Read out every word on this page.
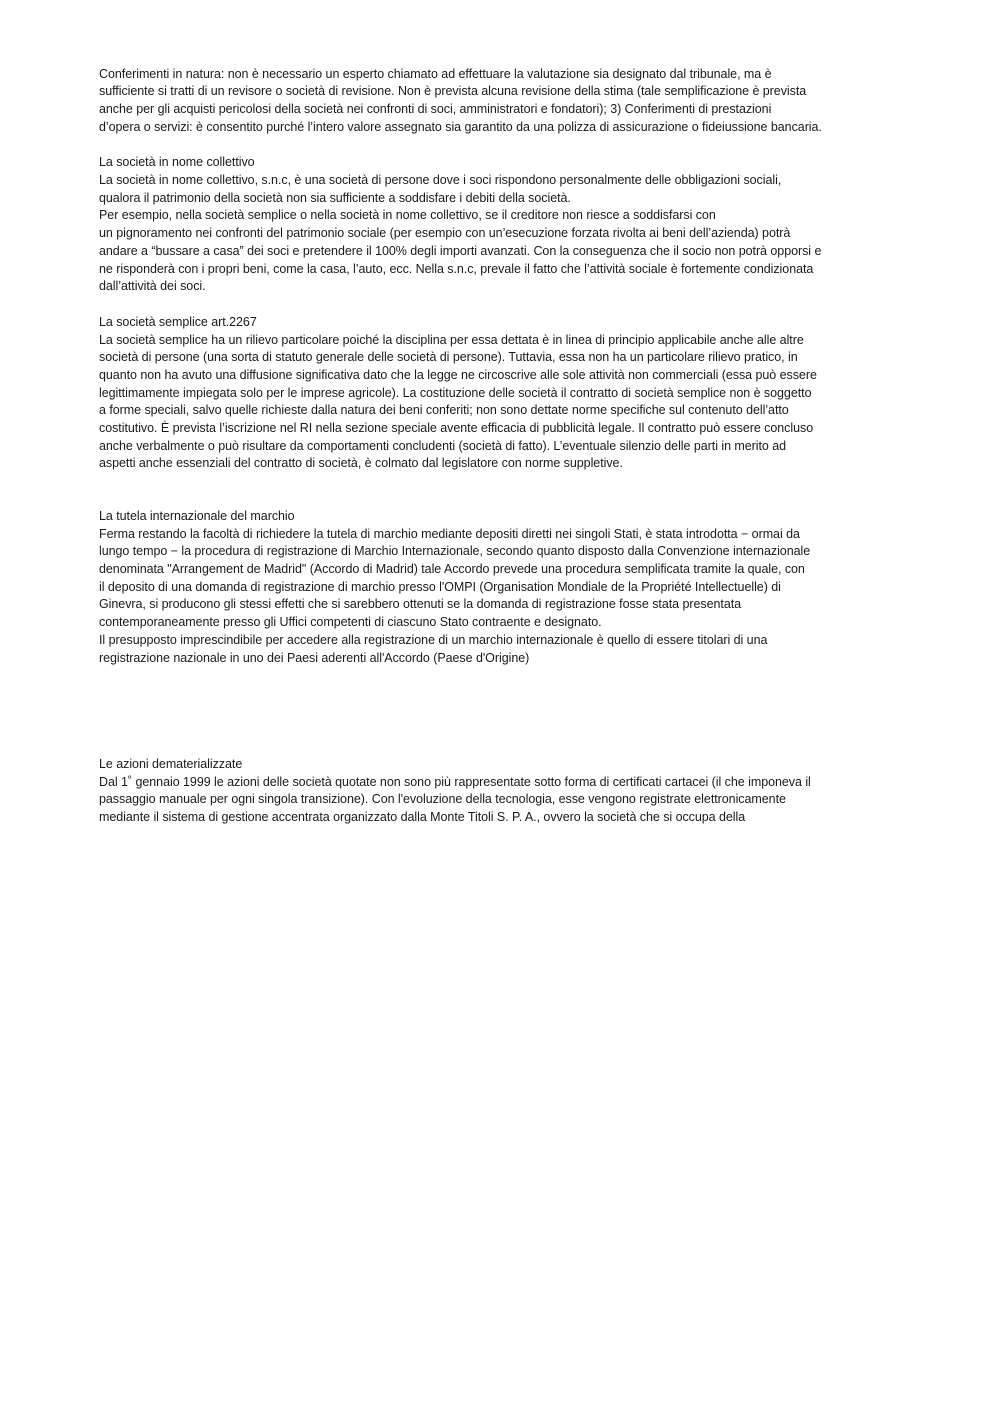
Conferimenti in natura: non è necessario un esperto chiamato ad effettuare la valutazione sia designato dal tribunale, ma è

sufficiente si tratti di un revisore o società di revisione. Non è prevista alcuna revisione della stima (tale semplificazione è prevista

anche per gli acquisti pericolosi della società nei confronti di soci, amministratori e fondatori); 3) Conferimenti di prestazioni

d’opera o servizi: è consentito purché l’intero valore assegnato sia garantito da una polizza di assicurazione o fideiussione bancaria.

La società in nome collettivo

La società in nome collettivo, s.n.c, è una società di persone dove i soci rispondono personalmente delle obbligazioni sociali,

qualora il patrimonio della società non sia sufficiente a soddisfare i debiti della società.

Per esempio, nella società semplice o nella società in nome collettivo, se il creditore non riesce a soddisfarsi con

un pignoramento nei confronti del patrimonio sociale (per esempio con un’esecuzione forzata rivolta ai beni dell’azienda) potrà

andare a “bussare a casa” dei soci e pretendere il 100% degli importi avanzati. Con la conseguenza che il socio non potrà opporsi e

ne risponderà con i propri beni, come la casa, l’auto, ecc. Nella s.n.c, prevale il fatto che l’attività sociale è fortemente condizionata

dall’attività dei soci.

La società semplice art.2267

La società semplice ha un rilievo particolare poiché la disciplina per essa dettata è in linea di principio applicabile anche alle altre

società di persone (una sorta di statuto generale delle società di persone). Tuttavia, essa non ha un particolare rilievo pratico, in

quanto non ha avuto una diffusione significativa dato che la legge ne circoscrive alle sole attività non commerciali (essa può essere

legittimamente impiegata solo per le imprese agricole). La costituzione delle società il contratto di società semplice non è soggetto

a forme speciali, salvo quelle richieste dalla natura dei beni conferiti; non sono dettate norme specifiche sul contenuto dell’atto

costitutivo. È prevista l’iscrizione nel RI nella sezione speciale avente efficacia di pubblicità legale. Il contratto può essere concluso

anche verbalmente o può risultare da comportamenti concludenti (società di fatto). L’eventuale silenzio delle parti in merito ad

aspetti anche essenziali del contratto di società, è colmato dal legislatore con norme suppletive.

La tutela internazionale del marchio

Ferma restando la facoltà di richiedere la tutela di marchio mediante depositi diretti nei singoli Stati, è stata introdotta − ormai da

lungo tempo − la procedura di registrazione di Marchio Internazionale, secondo quanto disposto dalla Convenzione internazionale

denominata "Arrangement de Madrid" (Accordo di Madrid) tale Accordo prevede una procedura semplificata tramite la quale, con

il deposito di una domanda di registrazione di marchio presso l'OMPI (Organisation Mondiale de la Propriété Intellectuelle) di

Ginevra, si producono gli stessi effetti che si sarebbero ottenuti se la domanda di registrazione fosse stata presentata

contemporaneamente presso gli Uffici competenti di ciascuno Stato contraente e designato.

Il presupposto imprescindibile per accedere alla registrazione di un marchio internazionale è quello di essere titolari di una

registrazione nazionale in uno dei Paesi aderenti all'Accordo (Paese d'Origine)

Le azioni dematerializzate

Dal 1˚ gennaio 1999 le azioni delle società quotate non sono più rappresentate sotto forma di certificati cartacei (il che imponeva il

passaggio manuale per ogni singola transizione). Con l'evoluzione della tecnologia, esse vengono registrate elettronicamente

mediante il sistema di gestione accentrata organizzato dalla Monte Titoli S. P. A., ovvero la società che si occupa della
